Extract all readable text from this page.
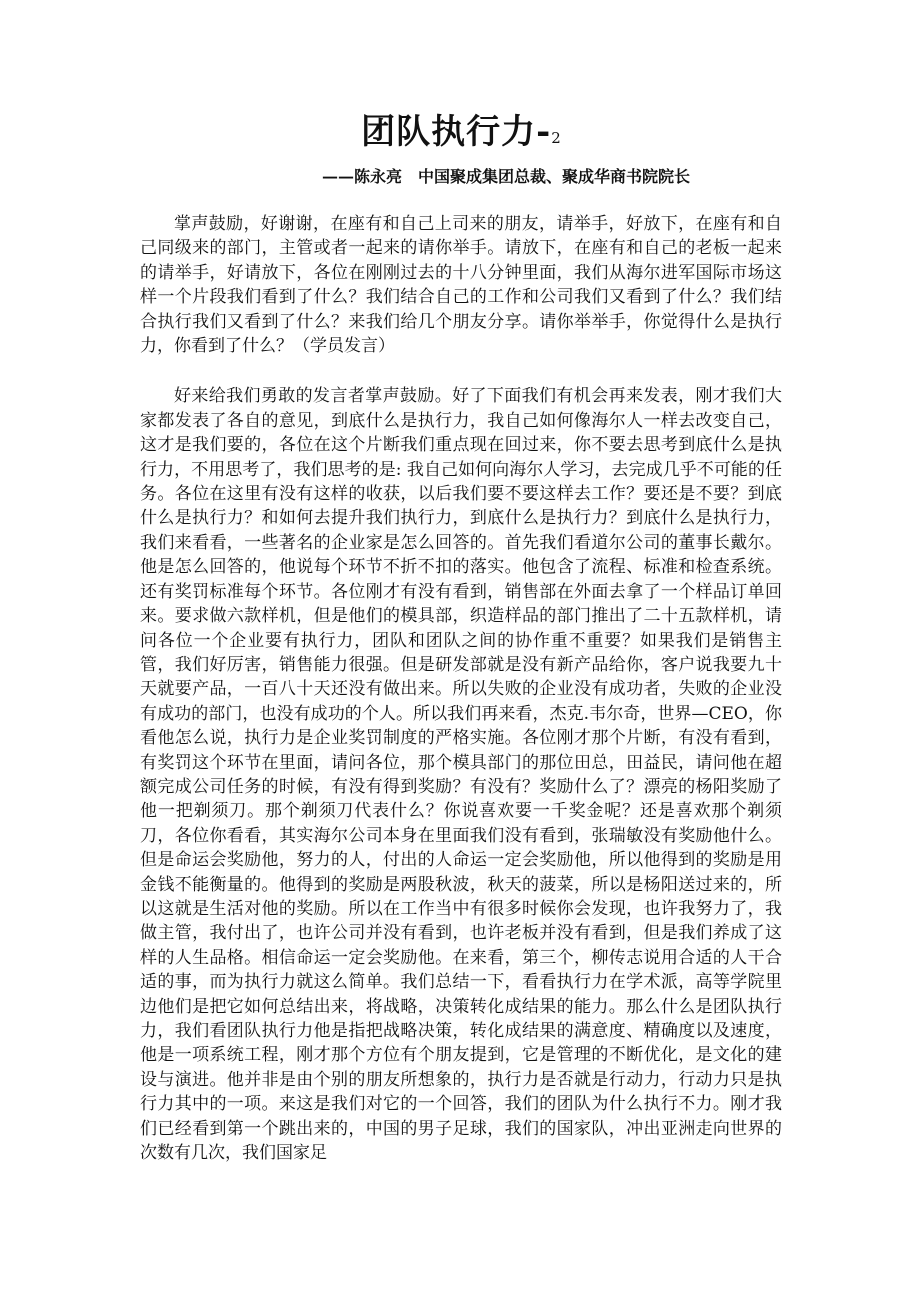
团队执行力-2
——陈永亮　中国聚成集团总裁、聚成华商书院院长

掌声鼓励，好谢谢，在座有和自己上司来的朋友，请举手，好放下，在座有和自己同级来的部门，主管或者一起来的请你举手。请放下，在座有和自己的老板一起来的请举手，好请放下，各位在刚刚过去的十八分钟里面，我们从海尔进军国际市场这样一个片段我们看到了什么？我们结合自己的工作和公司我们又看到了什么？我们结合执行我们又看到了什么？来我们给几个朋友分享。请你举举手，你觉得什么是执行力，你看到了什么？（学员发言）

好来给我们勇敢的发言者掌声鼓励。好了下面我们有机会再来发表，刚才我们大家都发表了各自的意见，到底什么是执行力，我自己如何像海尔人一样去改变自己，这才是我们要的，各位在这个片断我们重点现在回过来，你不要去思考到底什么是执行力，不用思考了，我们思考的是: 我自己如何向海尔人学习，去完成几乎不可能的任务。各位在这里有没有这样的收获，以后我们要不要这样去工作？要还是不要？到底什么是执行力？和如何去提升我们执行力，到底什么是执行力？到底什么是执行力，我们来看看，一些著名的企业家是怎么回答的。首先我们看道尔公司的董事长戴尔。他是怎么回答的，他说每个环节不折不扣的落实。他包含了流程、标准和检查系统。还有奖罚标准每个环节。各位刚才有没有看到，销售部在外面去拿了一个样品订单回来。要求做六款样机，但是他们的模具部，织造样品的部门推出了二十五款样机，请问各位一个企业要有执行力，团队和团队之间的协作重不重要？如果我们是销售主管，我们好厉害，销售能力很强。但是研发部就是没有新产品给你，客户说我要九十天就要产品，一百八十天还没有做出来。所以失败的企业没有成功者，失败的企业没有成功的部门，也没有成功的个人。所以我们再来看，杰克.韦尔奇，世界—CEO，你看他怎么说，执行力是企业奖罚制度的严格实施。各位刚才那个片断，有没有看到，有奖罚这个环节在里面，请问各位，那个模具部门的那位田总，田益民，请问他在超额完成公司任务的时候，有没有得到奖励？有没有？奖励什么了？漂亮的杨阳奖励了他一把剃须刀。那个剃须刀代表什么？你说喜欢要一千奖金呢？还是喜欢那个剃须刀，各位你看看，其实海尔公司本身在里面我们没有看到，张瑞敏没有奖励他什么。但是命运会奖励他，努力的人，付出的人命运一定会奖励他，所以他得到的奖励是用金钱不能衡量的。他得到的奖励是两股秋波，秋天的菠菜，所以是杨阳送过来的，所以这就是生活对他的奖励。所以在工作当中有很多时候你会发现，也许我努力了，我做主管，我付出了，也许公司并没有看到，也许老板并没有看到，但是我们养成了这样的人生品格。相信命运一定会奖励他。在来看，第三个，柳传志说用合适的人干合适的事，而为执行力就这么简单。我们总结一下，看看执行力在学术派，高等学院里边他们是把它如何总结出来，将战略，决策转化成结果的能力。那么什么是团队执行力，我们看团队执行力他是指把战略决策，转化成结果的满意度、精确度以及速度，他是一项系统工程，刚才那个方位有个朋友提到，它是管理的不断优化，是文化的建设与演进。他并非是由个别的朋友所想象的，执行力是否就是行动力，行动力只是执行力其中的一项。来这是我们对它的一个回答，我们的团队为什么执行不力。刚才我们已经看到第一个跳出来的，中国的男子足球，我们的国家队，冲出亚洲走向世界的次数有几次，我们国家足
